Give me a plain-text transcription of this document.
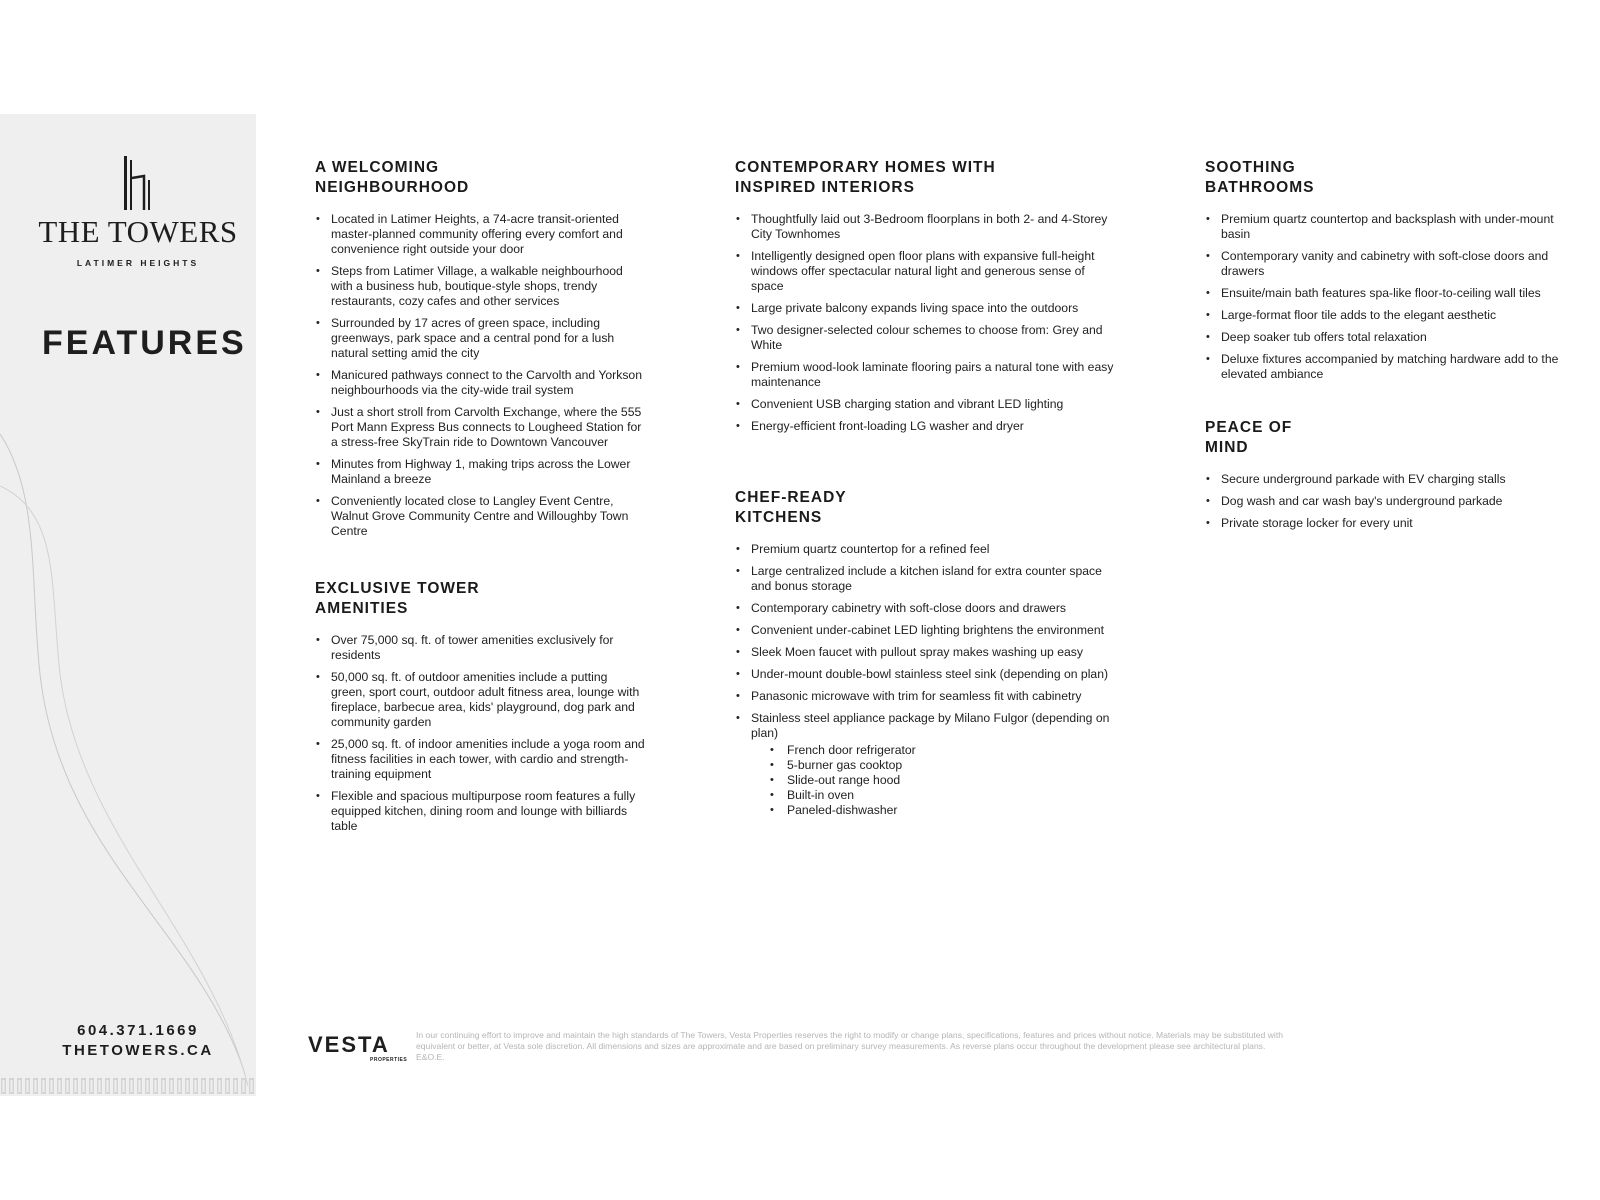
THE TOWERS
LATIMER HEIGHTS
FEATURES
604.371.1669
THETOWERS.CA
A WELCOMING
NEIGHBOURHOOD
• Located in Latimer Heights, a 74-acre transit-oriented master-planned community offering every comfort and convenience right outside your door
• Steps from Latimer Village, a walkable neighbourhood with a business hub, boutique-style shops, trendy restaurants, cozy cafes and other services
• Surrounded by 17 acres of green space, including greenways, park space and a central pond for a lush natural setting amid the city
• Manicured pathways connect to the Carvolth and Yorkson neighbourhoods via the city-wide trail system
• Just a short stroll from Carvolth Exchange, where the 555 Port Mann Express Bus connects to Lougheed Station for a stress-free SkyTrain ride to Downtown Vancouver
• Minutes from Highway 1, making trips across the Lower Mainland a breeze
• Conveniently located close to Langley Event Centre, Walnut Grove Community Centre and Willoughby Town Centre
EXCLUSIVE TOWER
AMENITIES
• Over 75,000 sq. ft. of tower amenities exclusively for residents
• 50,000 sq. ft. of outdoor amenities include a putting green, sport court, outdoor adult fitness area, lounge with fireplace, barbecue area, kids' playground, dog park and community garden
• 25,000 sq. ft. of indoor amenities include a yoga room and fitness facilities in each tower, with cardio and strength-training equipment
• Flexible and spacious multipurpose room features a fully equipped kitchen, dining room and lounge with billiards table
CONTEMPORARY HOMES WITH
INSPIRED INTERIORS
• Thoughtfully laid out 3-Bedroom floorplans in both 2- and 4-Storey City Townhomes
• Intelligently designed open floor plans with expansive full-height windows offer spectacular natural light and generous sense of space
• Large private balcony expands living space into the outdoors
• Two designer-selected colour schemes to choose from: Grey and White
• Premium wood-look laminate flooring pairs a natural tone with easy maintenance
• Convenient USB charging station and vibrant LED lighting
• Energy-efficient front-loading LG washer and dryer
CHEF-READY
KITCHENS
• Premium quartz countertop for a refined feel
• Large centralized include a kitchen island for extra counter space and bonus storage
• Contemporary cabinetry with soft-close doors and drawers
• Convenient under-cabinet LED lighting brightens the environment
• Sleek Moen faucet with pullout spray makes washing up easy
• Under-mount double-bowl stainless steel sink (depending on plan)
• Panasonic microwave with trim for seamless fit with cabinetry
• Stainless steel appliance package by Milano Fulgor (depending on plan)
• French door refrigerator
• 5-burner gas cooktop
• Slide-out range hood
• Built-in oven
• Paneled-dishwasher
SOOTHING
BATHROOMS
• Premium quartz countertop and backsplash with under-mount basin
• Contemporary vanity and cabinetry with soft-close doors and drawers
• Ensuite/main bath features spa-like floor-to-ceiling wall tiles
• Large-format floor tile adds to the elegant aesthetic
• Deep soaker tub offers total relaxation
• Deluxe fixtures accompanied by matching hardware add to the elevated ambiance
PEACE OF
MIND
• Secure underground parkade with EV charging stalls
• Dog wash and car wash bay's underground parkade
• Private storage locker for every unit
VESTA
PROPERTIES
In our continuing effort to improve and maintain the high standards of The Towers, Vesta Properties reserves the right to modify or change plans, specifications, features and prices without notice. Materials may be substituted with equivalent or better, at Vesta sole discretion. All dimensions and sizes are approximate and are based on preliminary survey measurements. As reverse plans occur throughout the development please see architectural plans. E&O.E.
